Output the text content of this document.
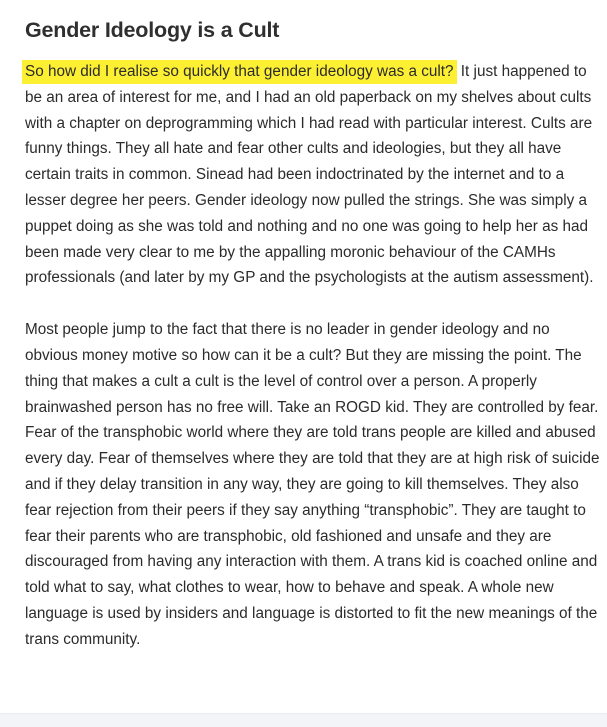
Gender Ideology is a Cult

So how did I realise so quickly that gender ideology was a cult? It just happened to be an area of interest for me, and I had an old paperback on my shelves about cults with a chapter on deprogramming which I had read with particular interest. Cults are funny things. They all hate and fear other cults and ideologies, but they all have certain traits in common. Sinead had been indoctrinated by the internet and to a lesser degree her peers. Gender ideology now pulled the strings. She was simply a puppet doing as she was told and nothing and no one was going to help her as had been made very clear to me by the appalling moronic behaviour of the CAMHs professionals (and later by my GP and the psychologists at the autism assessment).

Most people jump to the fact that there is no leader in gender ideology and no obvious money motive so how can it be a cult? But they are missing the point. The thing that makes a cult a cult is the level of control over a person. A properly brainwashed person has no free will. Take an ROGD kid. They are controlled by fear. Fear of the transphobic world where they are told trans people are killed and abused every day. Fear of themselves where they are told that they are at high risk of suicide and if they delay transition in any way, they are going to kill themselves. They also fear rejection from their peers if they say anything “transphobic”. They are taught to fear their parents who are transphobic, old fashioned and unsafe and they are discouraged from having any interaction with them. A trans kid is coached online and told what to say, what clothes to wear, how to behave and speak. A whole new language is used by insiders and language is distorted to fit the new meanings of the trans community.
